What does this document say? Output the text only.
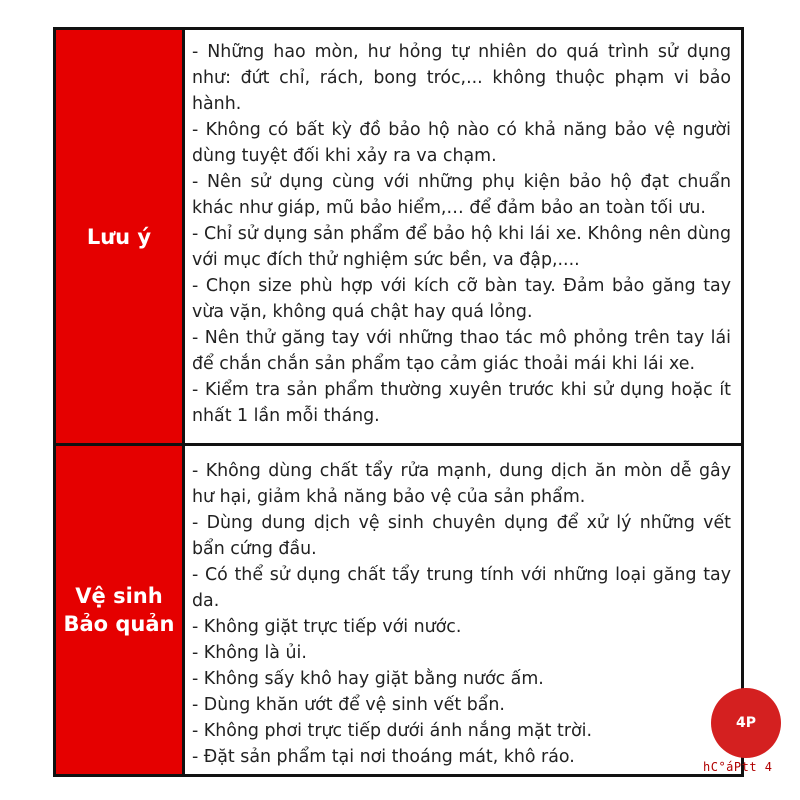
Lưu ý
- Những hao mòn, hư hỏng tự nhiên do quá trình sử dụng như: đứt chỉ, rách, bong tróc,... không thuộc phạm vi bảo hành.
- Không có bất kỳ đồ bảo hộ nào có khả năng bảo vệ người dùng tuyệt đối khi xảy ra va chạm.
- Nên sử dụng cùng với những phụ kiện bảo hộ đạt chuẩn khác như giáp, mũ bảo hiểm,… để đảm bảo an toàn tối ưu.
- Chỉ sử dụng sản phẩm để bảo hộ khi lái xe. Không nên dùng với mục đích thử nghiệm sức bền, va đập,....
- Chọn size phù hợp với kích cỡ bàn tay. Đảm bảo găng tay vừa vặn, không quá chật hay quá lỏng.
- Nên thử găng tay với những thao tác mô phỏng trên tay lái để chắn chắn sản phẩm tạo cảm giác thoải mái khi lái xe.
- Kiểm tra sản phẩm thường xuyên trước khi sử dụng hoặc ít nhất 1 lần mỗi tháng.
Vệ sinh
Bảo quản
- Không dùng chất tẩy rửa mạnh, dung dịch ăn mòn dễ gây hư hại, giảm khả năng bảo vệ của sản phẩm.
- Dùng dung dịch vệ sinh chuyên dụng để xử lý những vết bẩn cứng đầu.
- Có thể sử dụng chất tẩy trung tính với những loại găng tay da.
- Không giặt trực tiếp với nước.
- Không là ủi.
- Không sấy khô hay giặt bằng nước ấm.
- Dùng khăn ướt để vệ sinh vết bẩn.
- Không phơi trực tiếp dưới ánh nắng mặt trời.
- Đặt sản phẩm tại nơi thoáng mát, khô ráo.
4P
hC°áPtt 4
